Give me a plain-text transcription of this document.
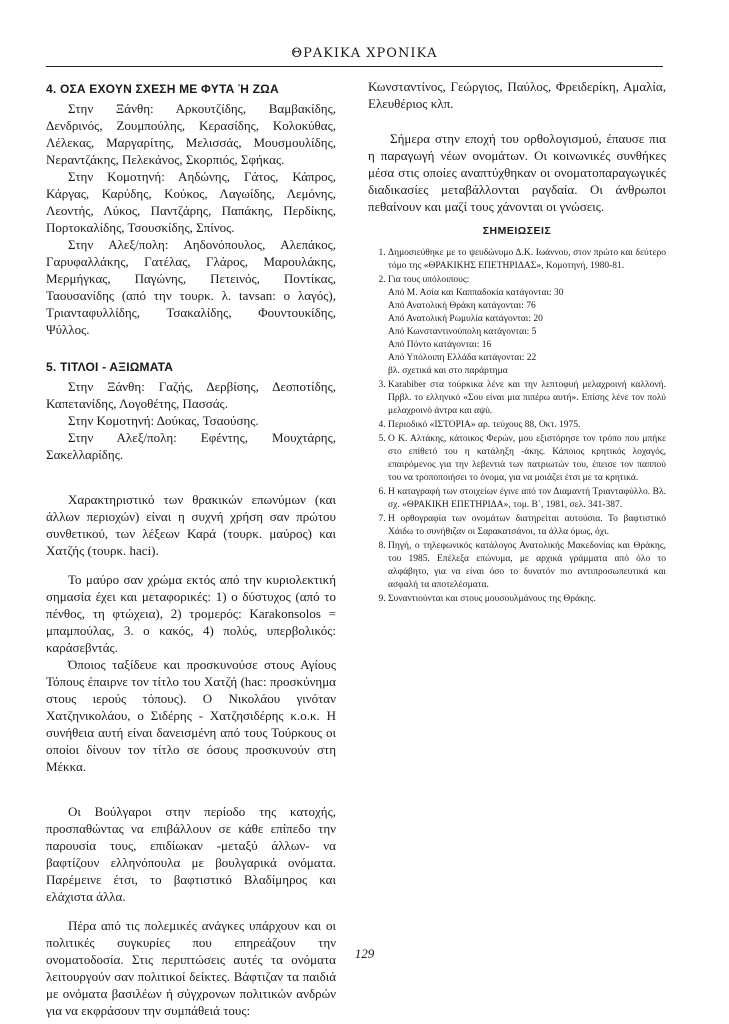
ΘΡΑΚΙΚΑ ΧΡΟΝΙΚΑ
4. ΟΣΑ ΕΧΟΥΝ ΣΧΕΣΗ ΜΕ ΦΥΤΑ Ή ΖΩΑ

Στην Ξάνθη: Αρκουτζίδης, Βαμβακίδης, Δενδρινός, Ζουμπούλης, Κερασίδης, Κολοκύθας, Λέλεκας, Μαργαρίτης, Μελισσάς, Μουσμουλίδης, Νεραντζάκης, Πελεκάνος, Σκορπιός, Σφήκας.

Στην Κομοτηνή: Αηδώνης, Γάτος, Κάπρος, Κάργας, Καρύδης, Κούκος, Λαγωίδης, Λεμόνης, Λεοντής, Λύκος, Παντζάρης, Παπάκης, Περδίκης, Πορτοκαλίδης, Τσουσκίδης, Σπίνος.

Στην Αλεξ/πολη: Αηδονόπουλος, Αλεπάκος, Γαρυφαλλάκης, Γατέλας, Γλάρος, Μαρουλάκης, Μερμήγκας, Παγώνης, Πετεινός, Ποντίκας, Ταουσανίδης (από την τουρκ. λ. tavsan: ο λαγός), Τριανταφυλλίδης, Τσακαλίδης, Φουντουκίδης, Ψύλλος.

5. ΤΙΤΛΟΙ - ΑΞΙΩΜΑΤΑ

Στην Ξάνθη: Γαζής, Δερβίσης, Δεσποτίδης, Καπετανίδης, Λογοθέτης, Πασσάς.

Στην Κομοτηνή: Δούκας, Τσαούσης.

Στην Αλεξ/πολη: Εφέντης, Μουχτάρης, Σακελλαρίδης.

Χαρακτηριστικό των θρακικών επωνύμων (και άλλων περιοχών) είναι η συχνή χρήση σαν πρώτου συνθετικού, των λέξεων Καρά (τουρκ. μαύρος) και Χατζής (τουρκ. haci).

Το μαύρο σαν χρώμα εκτός από την κυριολεκτική σημασία έχει και μεταφορικές: 1) ο δύστυχος (από το πένθος, τη φτώχεια), 2) τρομερός: Karakonsolos = μπαμπούλας, 3. ο κακός, 4) πολύς, υπερβολικός: καράσεβντάς.

Όποιος ταξίδευε και προσκυνούσε στους Αγίους Τόπους έπαιρνε τον τίτλο του Χατζή (hac: προσκύνημα στους ιερούς τόπους). Ο Νικολάου γινόταν Χατζηνικολάου, ο Σιδέρης - Χατζησιδέρης κ.ο.κ. Η συνήθεια αυτή είναι δανεισμένη από τους Τούρκους οι οποίοι δίνουν τον τίτλο σε όσους προσκυνούν στη Μέκκα.

Οι Βούλγαροι στην περίοδο της κατοχής, προσπαθώντας να επιβάλλουν σε κάθε επίπεδο την παρουσία τους, επιδίωκαν -μεταξύ άλλων- να βαφτίζουν ελληνόπουλα με βουλγαρικά ονόματα. Παρέμεινε έτσι, το βαφτιστικό Βλαδίμηρος και ελάχιστα άλλα.

Πέρα από τις πολεμικές ανάγκες υπάρχουν και οι πολιτικές συγκυρίες που επηρεάζουν την ονοματοδοσία. Στις περιπτώσεις αυτές τα ονόματα λειτουργούν σαν πολιτικοί δείκτες. Βάφτιζαν τα παιδιά με ονόματα βασιλέων ή σύγχρονων πολιτικών ανδρών για να εκφράσουν την συμπάθειά τους:

Κωνσταντίνος, Γεώργιος, Παύλος, Φρειδερίκη, Αμαλία, Ελευθέριος κλπ.

Σήμερα στην εποχή του ορθολογισμού, έπαυσε πια η παραγωγή νέων ονομάτων. Οι κοινωνικές συνθήκες μέσα στις οποίες αναπτύχθηκαν οι ονοματοπαραγωγικές διαδικασίες μεταβάλλονται ραγδαία. Οι άνθρωποι πεθαίνουν και μαζί τους χάνονται οι γνώσεις.

ΣΗΜΕΙΩΣΕΙΣ
1. Δημοσιεύθηκε με το ψευδώνυμο Δ.Κ. Ιωάννου, στον πρώτο και δεύτερο τόμο της «ΘΡΑΚΙΚΗΣ ΕΠΕΤΗΡΙΔΑΣ», Κομοτηνή, 1980-81.
2. Για τους υπόλοιπους:
Από Μ. Ασία και Καππαδοκία κατάγονται: 30
Από Ανατολική Θράκη κατάγονται: 76
Από Ανατολική Ρωμυλία κατάγονται: 20
Από Κωνσταντινούπολη κατάγονται: 5
Από Πόντο κατάγονται: 16
Από Υπόλοιπη Ελλάδα κατάγονται: 22
βλ. σχετικά και στο παράρτημα
3. Karabiber στα τούρκικα λένε και την λεπτοφυή μελαχροινή καλλονή. Πρβλ. το ελληνικό «Σου είναι μια πιπέρω αυτή». Επίσης λένε τον πολύ μελαχροινό άντρα και αψύ.
4. Περιοδικό «ΙΣΤΟΡΙΑ» αρ. τεύχους 88, Οκτ. 1975.
5. Ο Κ. Αλτάκης, κάτοικος Φερών, μου εξιστόρησε τον τρόπο που μπήκε στο επίθετό του η κατάληξη -άκης. Κάποιος κρητικός λοχαγός, επαιρόμενος για την λεβεντιά των πατριωτών του, έπεισε τον παππού του να τροποποιήσει το όνομα, για να μοιάζει έτσι με τα κρητικά.
6. Η καταγραφή των στοιχείων έγινε από τον Διαμαντή Τριανταφύλλο. Βλ. σχ. «ΘΡΑΚΙΚΗ ΕΠΕΤΗΡΙΔΑ», τομ. Β΄, 1981, σελ. 341-387.
7. Η ορθογραφία των ονομάτων διατηρείται αυτούσια. Το βαφτιστικό Χάιδω το συνήθιζαν οι Σαρακατσάνοι, τα άλλα όμως, όχι.
8. Πηγή, ο τηλεφωνικός κατάλογος Ανατολικής Μακεδονίας και Θράκης, του 1985. Επέλεξα επώνυμα, με αρχικά γράμματα από όλο το αλφάβητο, για να είναι όσο το δυνατόν πιο αντιπροσωπευτικά και ασφαλή τα αποτελέσματα.
9. Συναντιούνται και στους μουσουλμάνους της Θράκης.
129
